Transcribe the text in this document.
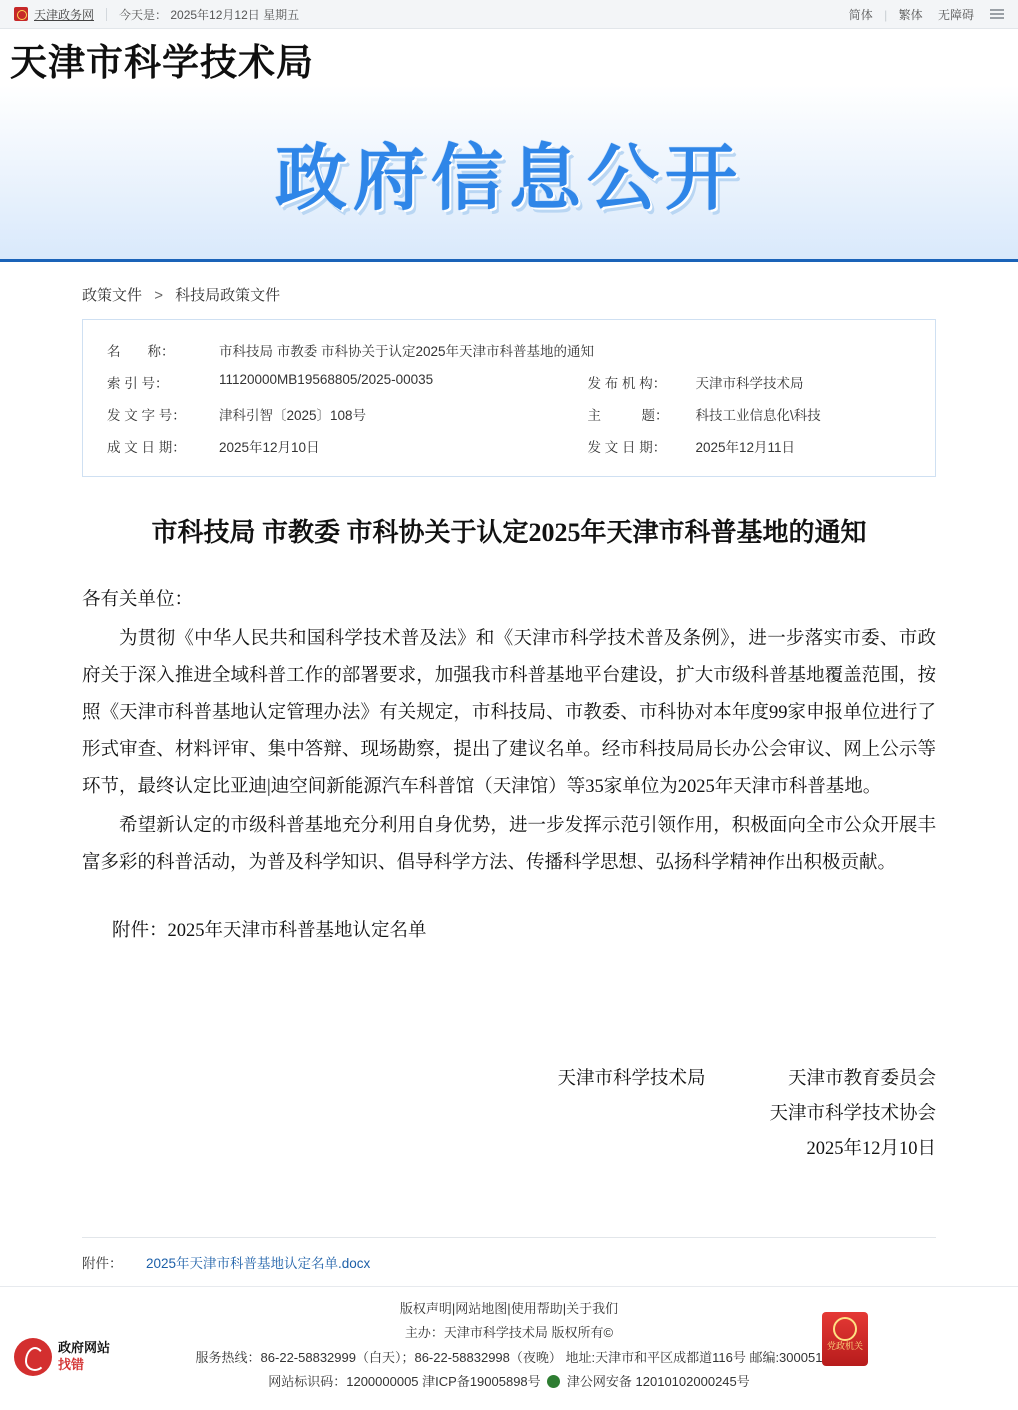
天津政务网 今天是： 2025年12月12日 星期五	简体 | 繁体 无障碍
天津市科学技术局
政府信息公开
政策文件 > 科技局政策文件
名　　称：	市科技局 市教委 市科协关于认定2025年天津市科普基地的通知		
索 引 号：	11120000MB19568805/2025-00035	发 布 机 构：	天津市科学技术局
发 文 字 号：	津科引智〔2025〕108号	主　　　题：	科技工业信息化\科技
成 文 日 期：	2025年12月10日	发 文 日 期：	2025年12月11日
市科技局 市教委 市科协关于认定2025年天津市科普基地的通知

各有关单位：

为贯彻《中华人民共和国科学技术普及法》和《天津市科学技术普及条例》，进一步落实市委、市政府关于深入推进全域科普工作的部署要求，加强我市科普基地平台建设，扩大市级科普基地覆盖范围，按照《天津市科普基地认定管理办法》有关规定，市科技局、市教委、市科协对本年度99家申报单位进行了形式审查、材料评审、集中答辩、现场勘察，提出了建议名单。经市科技局局长办公会审议、网上公示等环节，最终认定比亚迪|迪空间新能源汽车科普馆（天津馆）等35家单位为2025年天津市科普基地。

希望新认定的市级科普基地充分利用自身优势，进一步发挥示范引领作用，积极面向全市公众开展丰富多彩的科普活动，为普及科学知识、倡导科学方法、传播科学思想、弘扬科学精神作出积极贡献。

附件：2025年天津市科普基地认定名单
天津市科学技术局	天津市教育委员会
天津市科学技术协会
2025年12月10日
附件：	2025年天津市科普基地认定名单.docx
政府网站
找错
党政机关
版权声明|网站地图|使用帮助|关于我们
主办：天津市科学技术局 版权所有©
服务热线：86-22-58832999（白天）；86-22-58832998（夜晚） 地址:天津市和平区成都道116号 邮编:300051
网站标识码：1200000005 津ICP备19005898号 津公网安备 12010102000245号
